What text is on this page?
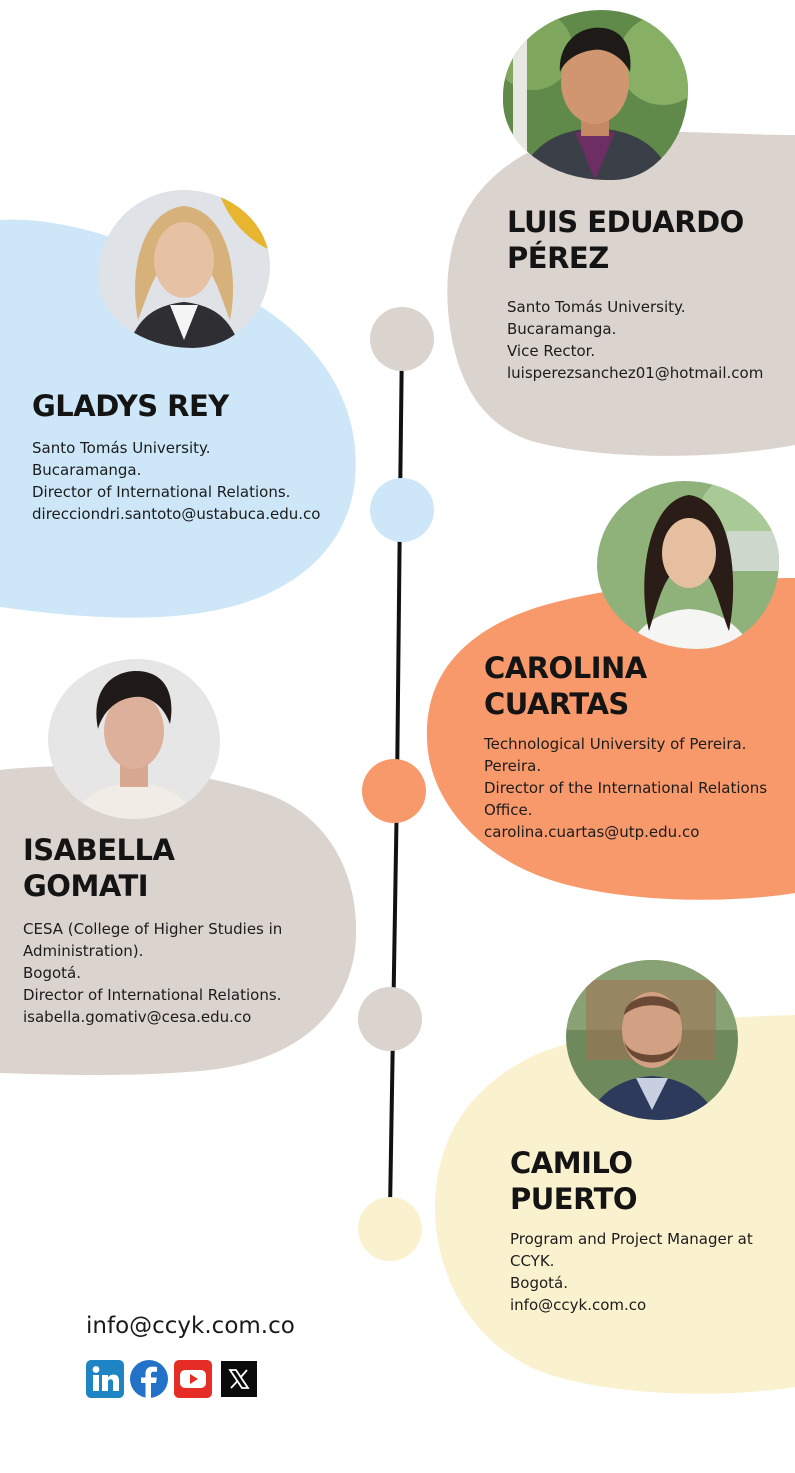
LUIS EDUARDO
PÉREZ

Santo Tomás University.
Bucaramanga.
Vice Rector.
luisperezsanchez01@hotmail.com

GLADYS REY

Santo Tomás University.
Bucaramanga.
Director of International Relations.
direcciondri.santoto@ustabuca.edu.co

CAROLINA
CUARTAS

Technological University of Pereira.
Pereira.
Director of the International Relations
Office.
carolina.cuartas@utp.edu.co

ISABELLA
GOMATI

CESA (College of Higher Studies in
Administration).
Bogotá.
Director of International Relations.
isabella.gomativ@cesa.edu.co

CAMILO
PUERTO

Program and Project Manager at
CCYK.
Bogotá.
info@ccyk.com.co

info@ccyk.com.co
